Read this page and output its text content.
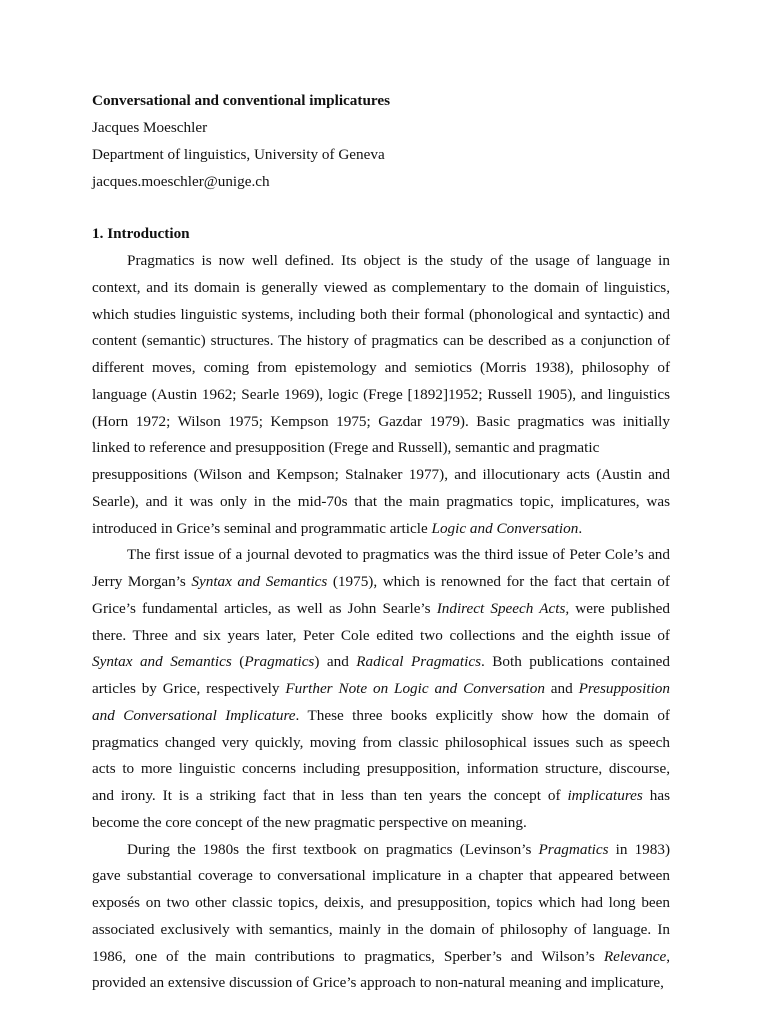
Conversational and conventional implicatures
Jacques Moeschler
Department of linguistics, University of Geneva
jacques.moeschler@unige.ch
1. Introduction
Pragmatics is now well defined. Its object is the study of the usage of language in
context, and its domain is generally viewed as complementary to the domain of linguistics,
which studies linguistic systems, including both their formal (phonological and syntactic) and
content (semantic) structures. The history of pragmatics can be described as a conjunction of
different moves, coming from epistemology and semiotics (Morris 1938), philosophy of
language (Austin 1962; Searle 1969), logic (Frege [1892]1952; Russell 1905), and linguistics
(Horn 1972; Wilson 1975; Kempson 1975; Gazdar 1979). Basic pragmatics was initially
linked to reference and presupposition (Frege and Russell), semantic and pragmatic
presuppositions (Wilson and Kempson; Stalnaker 1977), and illocutionary acts (Austin and
Searle), and it was only in the mid-70s that the main pragmatics topic, implicatures, was
introduced in Grice’s seminal and programmatic article Logic and Conversation.
The first issue of a journal devoted to pragmatics was the third issue of Peter Cole’s and
Jerry Morgan’s Syntax and Semantics (1975), which is renowned for the fact that certain of
Grice’s fundamental articles, as well as John Searle’s Indirect Speech Acts, were published
there. Three and six years later, Peter Cole edited two collections and the eighth issue of
Syntax and Semantics (Pragmatics) and Radical Pragmatics. Both publications contained
articles by Grice, respectively Further Note on Logic and Conversation and Presupposition
and Conversational Implicature. These three books explicitly show how the domain of
pragmatics changed very quickly, moving from classic philosophical issues such as speech
acts to more linguistic concerns including presupposition, information structure, discourse,
and irony. It is a striking fact that in less than ten years the concept of implicatures has
become the core concept of the new pragmatic perspective on meaning.
During the 1980s the first textbook on pragmatics (Levinson’s Pragmatics in 1983)
gave substantial coverage to conversational implicature in a chapter that appeared between
exposés on two other classic topics, deixis, and presupposition, topics which had long been
associated exclusively with semantics, mainly in the domain of philosophy of language. In
1986, one of the main contributions to pragmatics, Sperber’s and Wilson’s Relevance,
provided an extensive discussion of Grice’s approach to non-natural meaning and implicature,
